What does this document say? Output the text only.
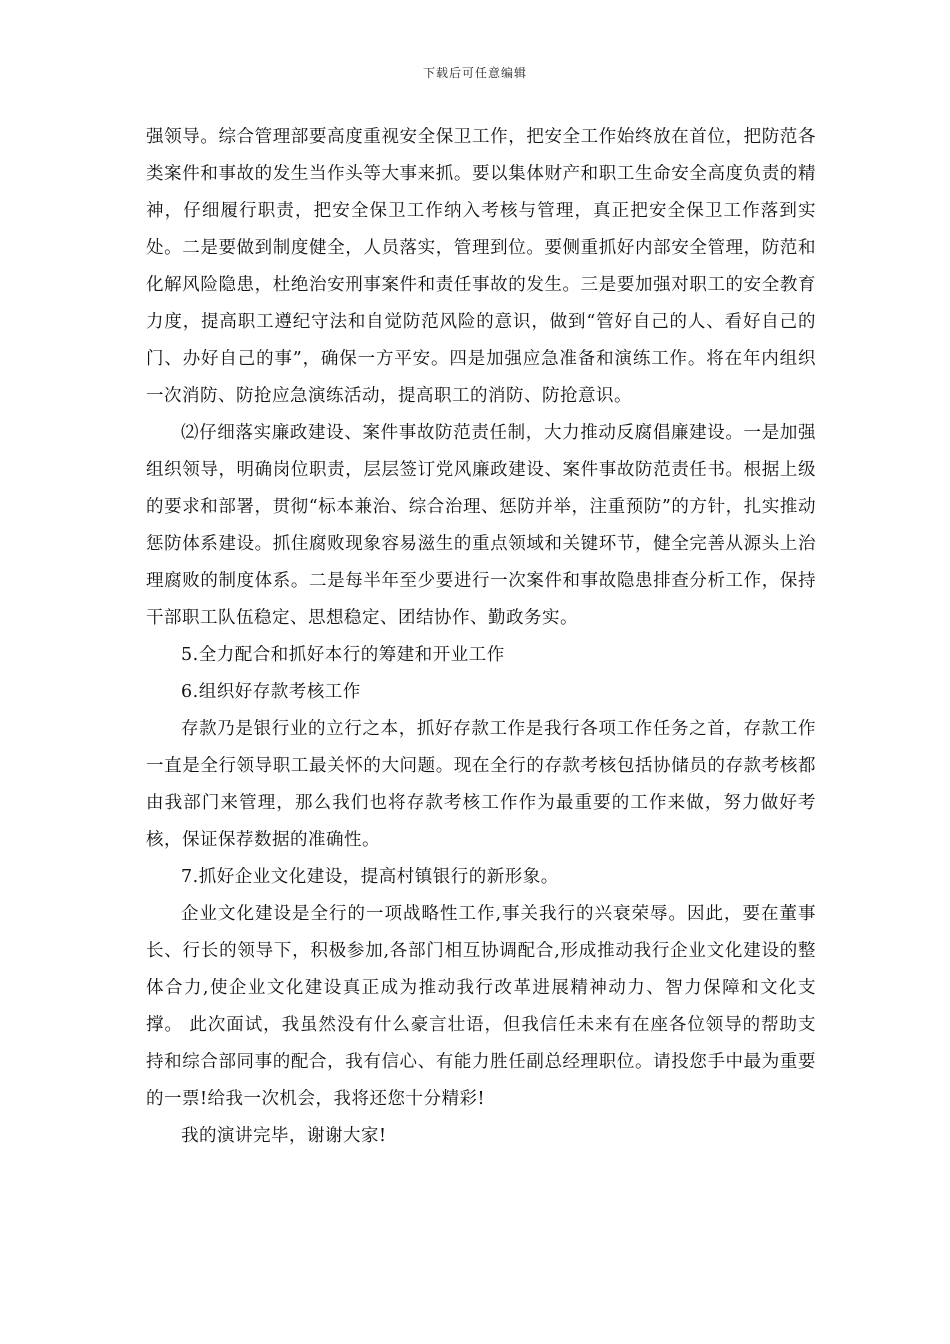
下载后可任意编辑

强领导。综合管理部要高度重视安全保卫工作，把安全工作始终放在首位，把防范各类案件和事故的发生当作头等大事来抓。要以集体财产和职工生命安全高度负责的精神，仔细履行职责，把安全保卫工作纳入考核与管理，真正把安全保卫工作落到实处。二是要做到制度健全，人员落实，管理到位。要侧重抓好内部安全管理，防范和化解风险隐患，杜绝治安刑事案件和责任事故的发生。三是要加强对职工的安全教育力度，提高职工遵纪守法和自觉防范风险的意识，做到“管好自己的人、看好自己的门、办好自己的事”，确保一方平安。四是加强应急准备和演练工作。将在年内组织一次消防、防抢应急演练活动，提高职工的消防、防抢意识。

⑵仔细落实廉政建设、案件事故防范责任制，大力推动反腐倡廉建设。一是加强组织领导，明确岗位职责，层层签订党风廉政建设、案件事故防范责任书。根据上级的要求和部署，贯彻“标本兼治、综合治理、惩防并举，注重预防”的方针，扎实推动惩防体系建设。抓住腐败现象容易滋生的重点领域和关键环节，健全完善从源头上治理腐败的制度体系。二是每半年至少要进行一次案件和事故隐患排查分析工作，保持干部职工队伍稳定、思想稳定、团结协作、勤政务实。

5.全力配合和抓好本行的筹建和开业工作

6.组织好存款考核工作

存款乃是银行业的立行之本，抓好存款工作是我行各项工作任务之首，存款工作一直是全行领导职工最关怀的大问题。现在全行的存款考核包括协储员的存款考核都由我部门来管理，那么我们也将存款考核工作作为最重要的工作来做，努力做好考核，保证保荐数据的准确性。

7.抓好企业文化建设，提高村镇银行的新形象。

企业文化建设是全行的一项战略性工作,事关我行的兴衰荣辱。因此，要在董事长、行长的领导下，积极参加,各部门相互协调配合,形成推动我行企业文化建设的整体合力,使企业文化建设真正成为推动我行改革进展精神动力、智力保障和文化支撑。 此次面试，我虽然没有什么豪言壮语，但我信任未来有在座各位领导的帮助支持和综合部同事的配合，我有信心、有能力胜任副总经理职位。请投您手中最为重要的一票!给我一次机会，我将还您十分精彩!

我的演讲完毕，谢谢大家!
